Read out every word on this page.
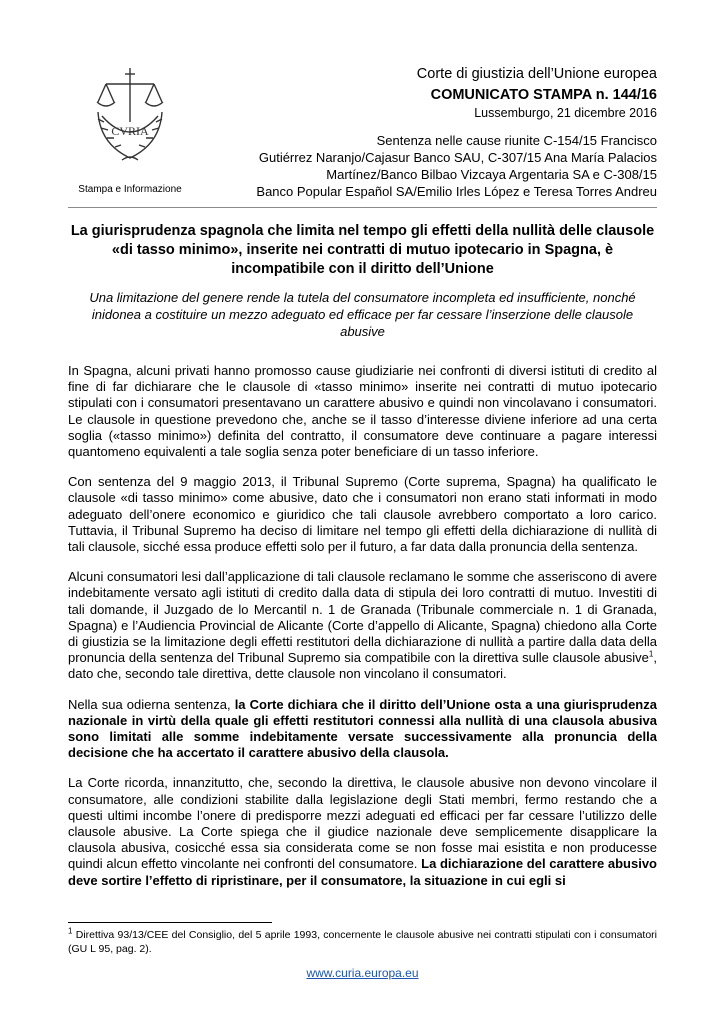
CVRIA
Stampa e Informazione
Corte di giustizia dell’Unione europea
COMUNICATO STAMPA n. 144/16
Lussemburgo, 21 dicembre 2016
Sentenza nelle cause riunite C-154/15 Francisco
Gutiérrez Naranjo/Cajasur Banco SAU, C-307/15 Ana María Palacios
Martínez/Banco Bilbao Vizcaya Argentaria SA e C-308/15
Banco Popular Español SA/Emilio Irles López e Teresa Torres Andreu
La giurisprudenza spagnola che limita nel tempo gli effetti della nullità delle clausole «di tasso minimo», inserite nei contratti di mutuo ipotecario in Spagna, è incompatibile con il diritto dell’Unione
Una limitazione del genere rende la tutela del consumatore incompleta ed insufficiente, nonché inidonea a costituire un mezzo adeguato ed efficace per far cessare l’inserzione delle clausole abusive

In Spagna, alcuni privati hanno promosso cause giudiziarie nei confronti di diversi istituti di credito al fine di far dichiarare che le clausole di «tasso minimo» inserite nei contratti di mutuo ipotecario stipulati con i consumatori presentavano un carattere abusivo e quindi non vincolavano i consumatori. Le clausole in questione prevedono che, anche se il tasso d’interesse diviene inferiore ad una certa soglia («tasso minimo») definita del contratto, il consumatore deve continuare a pagare interessi quantomeno equivalenti a tale soglia senza poter beneficiare di un tasso inferiore.

Con sentenza del 9 maggio 2013, il Tribunal Supremo (Corte suprema, Spagna) ha qualificato le clausole «di tasso minimo» come abusive, dato che i consumatori non erano stati informati in modo adeguato dell’onere economico e giuridico che tali clausole avrebbero comportato a loro carico. Tuttavia, il Tribunal Supremo ha deciso di limitare nel tempo gli effetti della dichiarazione di nullità di tali clausole, sicché essa produce effetti solo per il futuro, a far data dalla pronuncia della sentenza.

Alcuni consumatori lesi dall’applicazione di tali clausole reclamano le somme che asseriscono di avere indebitamente versato agli istituti di credito dalla data di stipula dei loro contratti di mutuo. Investiti di tali domande, il Juzgado de lo Mercantil n. 1 de Granada (Tribunale commerciale n. 1 di Granada, Spagna) e l’Audiencia Provincial de Alicante (Corte d’appello di Alicante, Spagna) chiedono alla Corte di giustizia se la limitazione degli effetti restitutori della dichiarazione di nullità a partire dalla data della pronuncia della sentenza del Tribunal Supremo sia compatibile con la direttiva sulle clausole abusive$^1$, dato che, secondo tale direttiva, dette clausole non vincolano il consumatori.

Nella sua odierna sentenza, la Corte dichiara che il diritto dell’Unione osta a una giurisprudenza nazionale in virtù della quale gli effetti restitutori connessi alla nullità di una clausola abusiva sono limitati alle somme indebitamente versate successivamente alla pronuncia della decisione che ha accertato il carattere abusivo della clausola.

La Corte ricorda, innanzitutto, che, secondo la direttiva, le clausole abusive non devono vincolare il consumatore, alle condizioni stabilite dalla legislazione degli Stati membri, fermo restando che a questi ultimi incombe l’onere di predisporre mezzi adeguati ed efficaci per far cessare l’utilizzo delle clausole abusive. La Corte spiega che il giudice nazionale deve semplicemente disapplicare la clausola abusiva, cosicché essa sia considerata come se non fosse mai esistita e non producesse quindi alcun effetto vincolante nei confronti del consumatore. La dichiarazione del carattere abusivo deve sortire l’effetto di ripristinare, per il consumatore, la situazione in cui egli si

$^1$ Direttiva 93/13/CEE del Consiglio, del 5 aprile 1993, concernente le clausole abusive nei contratti stipulati con i consumatori (GU L 95, pag. 2).
www.curia.europa.eu
